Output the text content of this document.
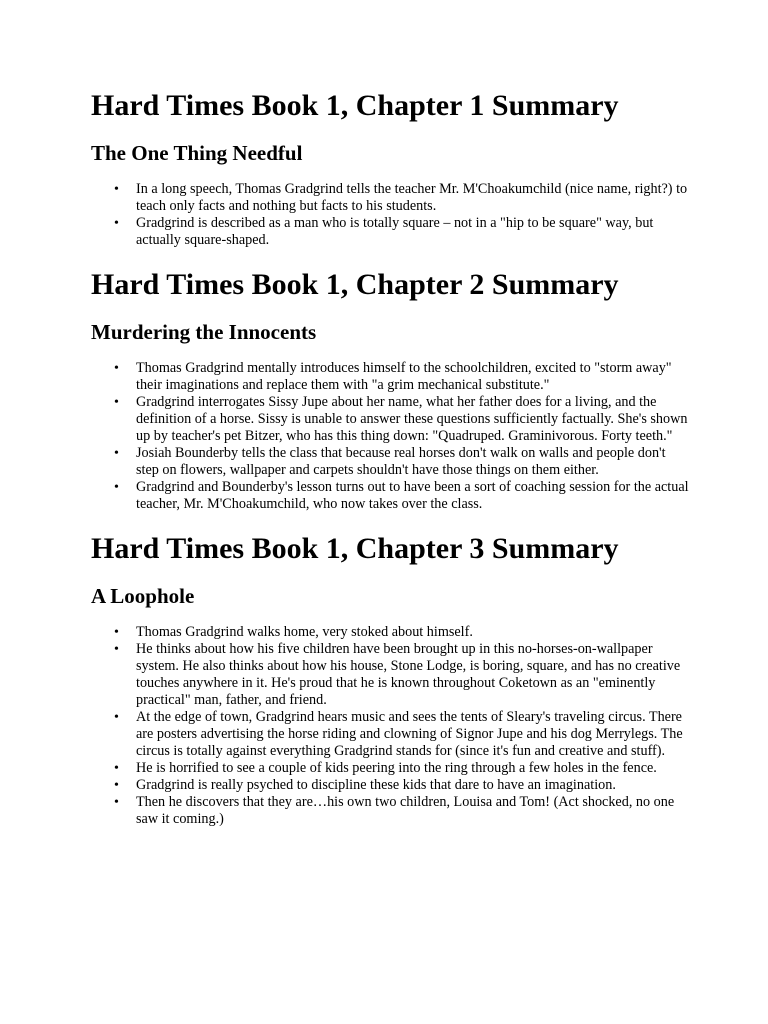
Hard Times Book 1, Chapter 1 Summary
The One Thing Needful
• In a long speech, Thomas Gradgrind tells the teacher Mr. M'Choakumchild (nice name, right?) to teach only facts and nothing but facts to his students.
• Gradgrind is described as a man who is totally square – not in a "hip to be square" way, but actually square-shaped.
Hard Times Book 1, Chapter 2 Summary
Murdering the Innocents
• Thomas Gradgrind mentally introduces himself to the schoolchildren, excited to "storm away" their imaginations and replace them with "a grim mechanical substitute."
• Gradgrind interrogates Sissy Jupe about her name, what her father does for a living, and the definition of a horse. Sissy is unable to answer these questions sufficiently factually. She's shown up by teacher's pet Bitzer, who has this thing down: "Quadruped. Graminivorous. Forty teeth."
• Josiah Bounderby tells the class that because real horses don't walk on walls and people don't step on flowers, wallpaper and carpets shouldn't have those things on them either.
• Gradgrind and Bounderby's lesson turns out to have been a sort of coaching session for the actual teacher, Mr. M'Choakumchild, who now takes over the class.
Hard Times Book 1, Chapter 3 Summary
A Loophole
• Thomas Gradgrind walks home, very stoked about himself.
• He thinks about how his five children have been brought up in this no-horses-on-wallpaper system. He also thinks about how his house, Stone Lodge, is boring, square, and has no creative touches anywhere in it. He's proud that he is known throughout Coketown as an "eminently practical" man, father, and friend.
• At the edge of town, Gradgrind hears music and sees the tents of Sleary's traveling circus. There are posters advertising the horse riding and clowning of Signor Jupe and his dog Merrylegs. The circus is totally against everything Gradgrind stands for (since it's fun and creative and stuff).
• He is horrified to see a couple of kids peering into the ring through a few holes in the fence.
• Gradgrind is really psyched to discipline these kids that dare to have an imagination.
• Then he discovers that they are…his own two children, Louisa and Tom! (Act shocked, no one saw it coming.)
